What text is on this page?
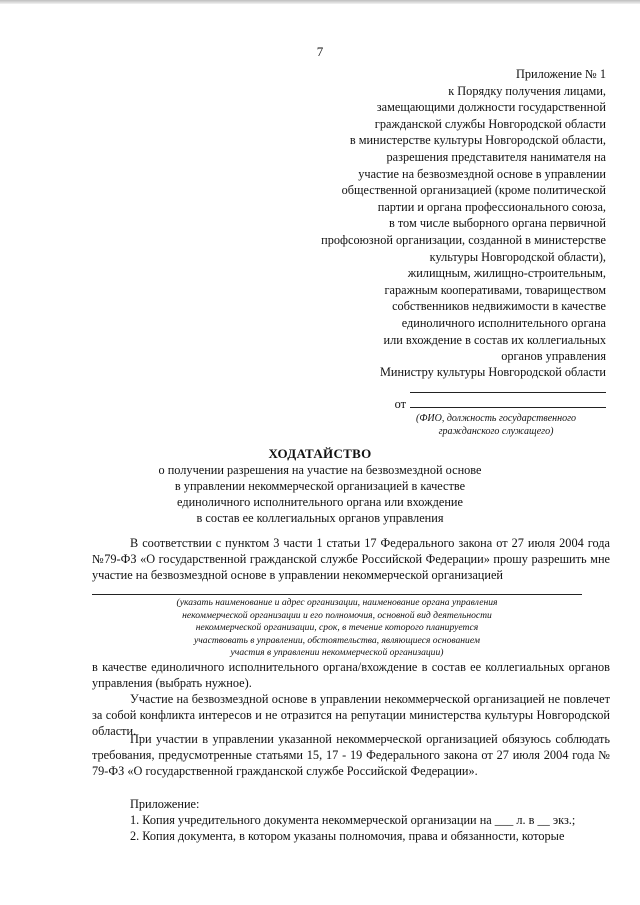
7
Приложение № 1
к Порядку получения лицами,
замещающими должности государственной
гражданской службы Новгородской области
в министерстве культуры Новгородской области,
разрешения представителя нанимателя на
участие на безвозмездной основе в управлении
общественной организацией (кроме политической
партии и органа профессионального союза,
в том числе выборного органа первичной
профсоюзной организации, созданной в министерстве
культуры Новгородской области),
жилищным, жилищно-строительным,
гаражным кооперативами, товариществом
собственников недвижимости в качестве
единоличного исполнительного органа
или вхождение в состав их коллегиальных
органов управления
Министру культуры Новгородской области
от
(ФИО, должность государственного
гражданского служащего)
ХОДАТАЙСТВО
о получении разрешения на участие на безвозмездной основе
в управлении некоммерческой организацией в качестве
единоличного исполнительного органа или вхождение
в состав ее коллегиальных органов управления
В соответствии с пунктом 3 части 1 статьи 17 Федерального закона от 27 июля 2004 года №79-ФЗ «О государственной гражданской службе Российской Федерации» прошу разрешить мне участие на безвозмездной основе в управлении некоммерческой организацией
(указать наименование и адрес организации, наименование органа управления
некоммерческой организации и его полномочия, основной вид деятельности
некоммерческой организации, срок, в течение которого планируется
участвовать в управлении, обстоятельства, являющиеся основанием
участия в управлении некоммерческой организации)
в качестве единоличного исполнительного органа/вхождение в состав ее коллегиальных органов управления (выбрать нужное).
Участие на безвозмездной основе в управлении некоммерческой организацией не повлечет за собой конфликта интересов и не отразится на репутации министерства культуры Новгородской области.
При участии в управлении указанной некоммерческой организацией обязуюсь соблюдать требования, предусмотренные статьями 15, 17 - 19 Федерального закона от 27 июля 2004 года № 79-ФЗ «О государственной гражданской службе Российской Федерации».
Приложение:
1. Копия учредительного документа некоммерческой организации на ___ л. в __ экз.;
2. Копия документа, в котором указаны полномочия, права и обязанности, которые
